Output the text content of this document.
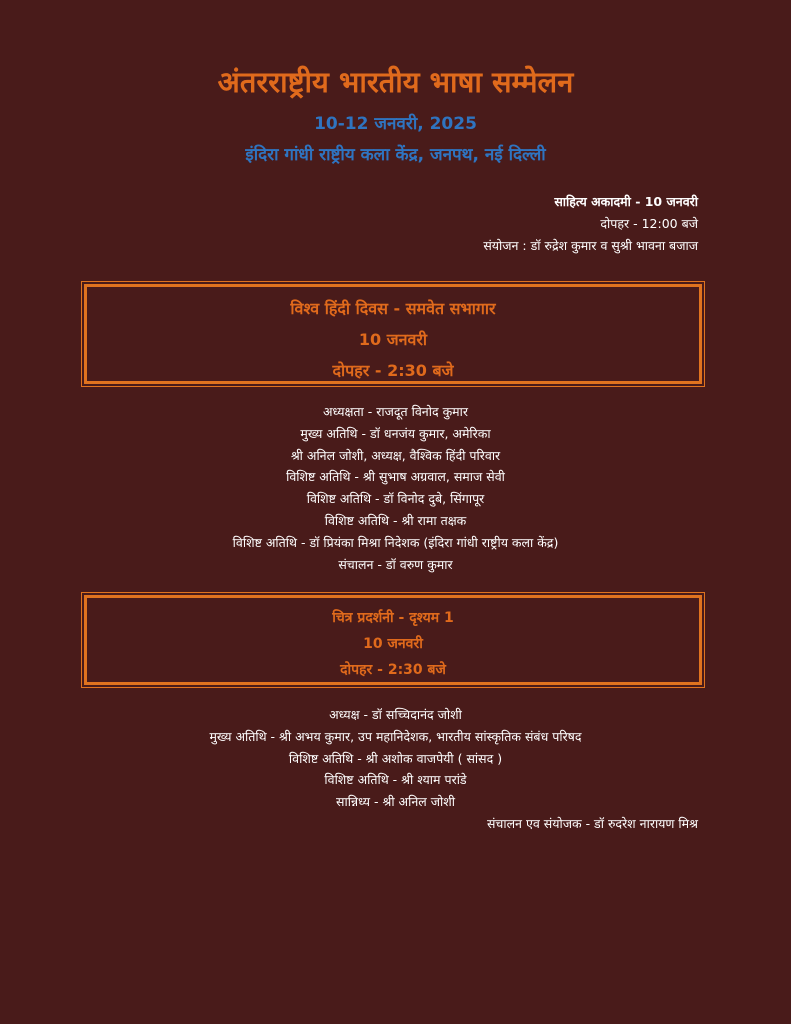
अंतरराष्ट्रीय भारतीय भाषा सम्मेलन
10-12 जनवरी, 2025
इंदिरा गांधी राष्ट्रीय कला केंद्र, जनपथ, नई दिल्ली
साहित्य अकादमी - 10 जनवरी
दोपहर - 12:00 बजे
संयोजन : डॉ रुद्रेश कुमार व सुश्री भावना बजाज
विश्व हिंदी दिवस - समवेत सभागार
10 जनवरी
दोपहर - 2:30 बजे
अध्यक्षता - राजदूत विनोद कुमार
मुख्य अतिथि - डॉ धनजंय कुमार, अमेरिका
श्री अनिल जोशी, अध्यक्ष, वैश्विक हिंदी परिवार
विशिष्ट अतिथि - श्री सुभाष अग्रवाल, समाज सेवी
विशिष्ट अतिथि - डॉ विनोद दुबे, सिंगापूर
विशिष्ट अतिथि - श्री रामा तक्षक
विशिष्ट अतिथि - डॉ प्रियंका मिश्रा निदेशक (इंदिरा गांधी राष्ट्रीय कला केंद्र)
संचालन - डॉ वरुण कुमार
चित्र प्रदर्शनी - दृश्यम 1
10 जनवरी
दोपहर - 2:30 बजे
अध्यक्ष - डॉ सच्चिदानंद जोशी
मुख्य अतिथि - श्री अभय कुमार, उप महानिदेशक, भारतीय सांस्कृतिक संबंध परिषद
विशिष्ट अतिथि - श्री अशोक वाजपेयी ( सांसद )
विशिष्ट अतिथि - श्री श्याम परांडे
सान्निध्य - श्री अनिल जोशी
संचालन एव संयोजक - डॉ रुदरेश नारायण मिश्र
